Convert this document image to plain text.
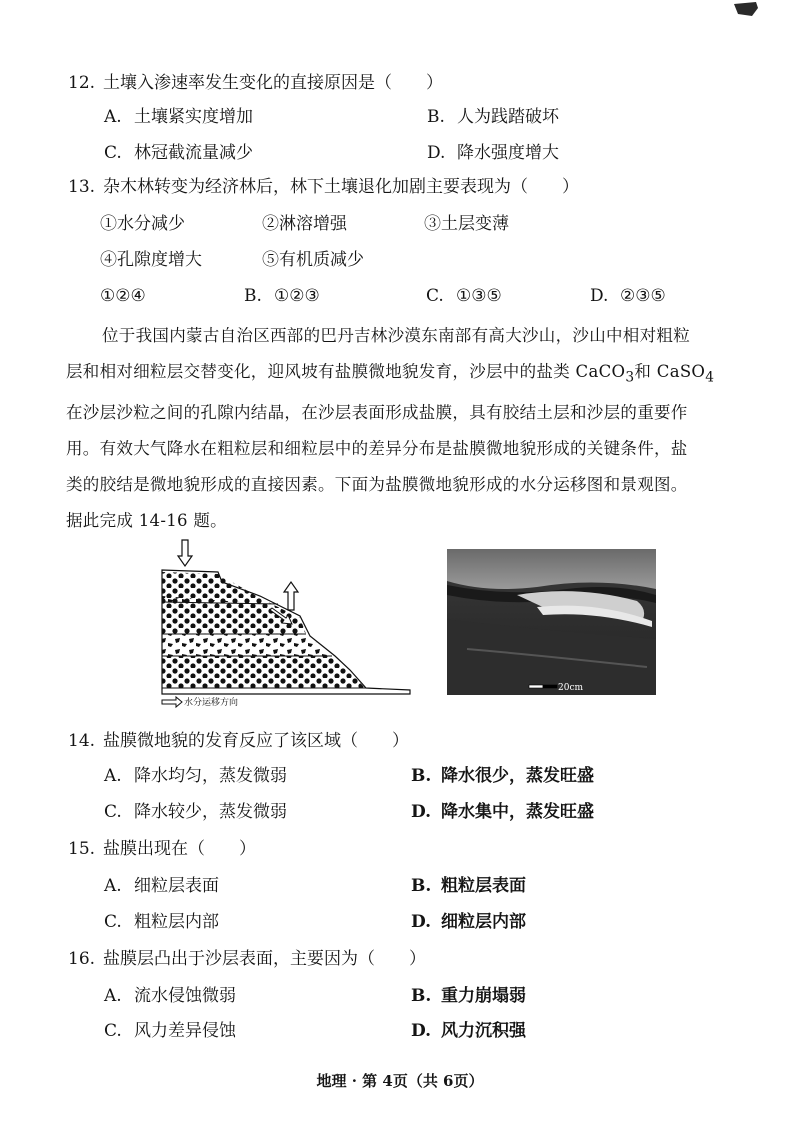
12. 土壤入渗速率发生变化的直接原因是（　　）
A. 土壤紧实度增加	B. 人为践踏破坏
C. 林冠截流量减少	D. 降水强度增大
13. 杂木林转变为经济林后，林下土壤退化加剧主要表现为（　　）
①水分减少	②淋溶增强	③土层变薄
④孔隙度增大	⑤有机质减少
①②④	B. ①②③	C. ①③⑤	D. ②③⑤

位于我国内蒙古自治区西部的巴丹吉林沙漠东南部有高大沙山，沙山中相对粗粒

层和相对细粒层交替变化，迎风坡有盐膜微地貌发育，沙层中的盐类 CaCO$_3$和 CaSO$_4$

在沙层沙粒之间的孔隙内结晶，在沙层表面形成盐膜，具有胶结土层和沙层的重要作

用。有效大气降水在粗粒层和细粒层中的差异分布是盐膜微地貌形成的关键条件，盐

类的胶结是微地貌形成的直接因素。下面为盐膜微地貌形成的水分运移图和景观图。

据此完成 14-16 题。

水分运移方向
20cm
14. 盐膜微地貌的发育反应了该区域（　　）
A. 降水均匀，蒸发微弱	B. 降水很少，蒸发旺盛
C. 降水较少，蒸发微弱	D. 降水集中，蒸发旺盛
15. 盐膜出现在（　　）
A. 细粒层表面	B. 粗粒层表面
C. 粗粒层内部	D. 细粒层内部
16. 盐膜层凸出于沙层表面，主要因为（　　）
A. 流水侵蚀微弱	B. 重力崩塌弱
C. 风力差异侵蚀	D. 风力沉积强
地理 · 第 4页（共 6页）
